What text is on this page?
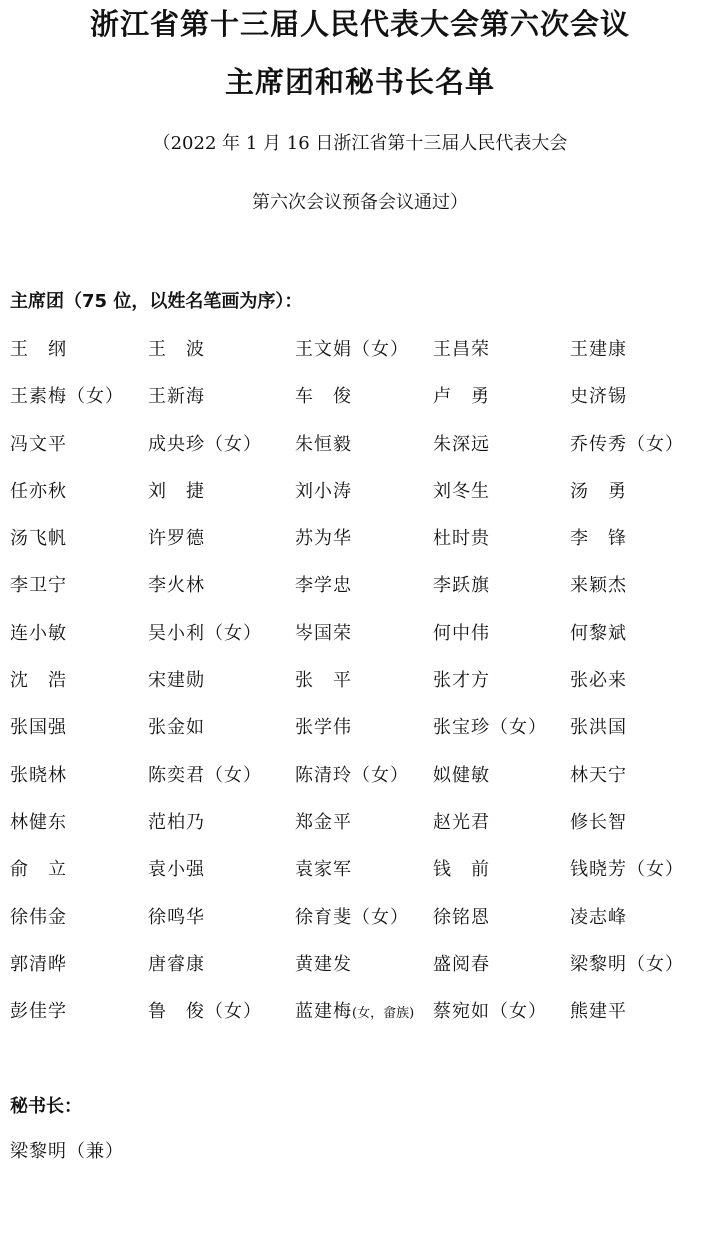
浙江省第十三届人民代表大会第六次会议
主席团和秘书长名单
（2022 年 1 月 16 日浙江省第十三届人民代表大会
第六次会议预备会议通过）
主席团（75 位，以姓名笔画为序）：
王　纲	王　波	王文娟（女）	王昌荣	王建康
王素梅（女）	王新海	车　俊	卢　勇	史济锡
冯文平	成央珍（女）	朱恒毅	朱深远	乔传秀（女）
任亦秋	刘　捷	刘小涛	刘冬生	汤　勇
汤飞帆	许罗德	苏为华	杜时贵	李　锋
李卫宁	李火林	李学忠	李跃旗	来颖杰
连小敏	吴小利（女）	岑国荣	何中伟	何黎斌
沈　浩	宋建勋	张　平	张才方	张必来
张国强	张金如	张学伟	张宝珍（女）	张洪国
张晓林	陈奕君（女）	陈清玲（女）	姒健敏	林天宁
林健东	范柏乃	郑金平	赵光君	修长智
俞　立	袁小强	袁家军	钱　前	钱晓芳（女）
徐伟金	徐鸣华	徐育斐（女）	徐铭恩	凌志峰
郭清晔	唐睿康	黄建发	盛阅春	梁黎明（女）
彭佳学	鲁　俊（女）	蓝建梅(女，畲族)	蔡宛如（女）	熊建平
秘书长：
梁黎明（兼）
